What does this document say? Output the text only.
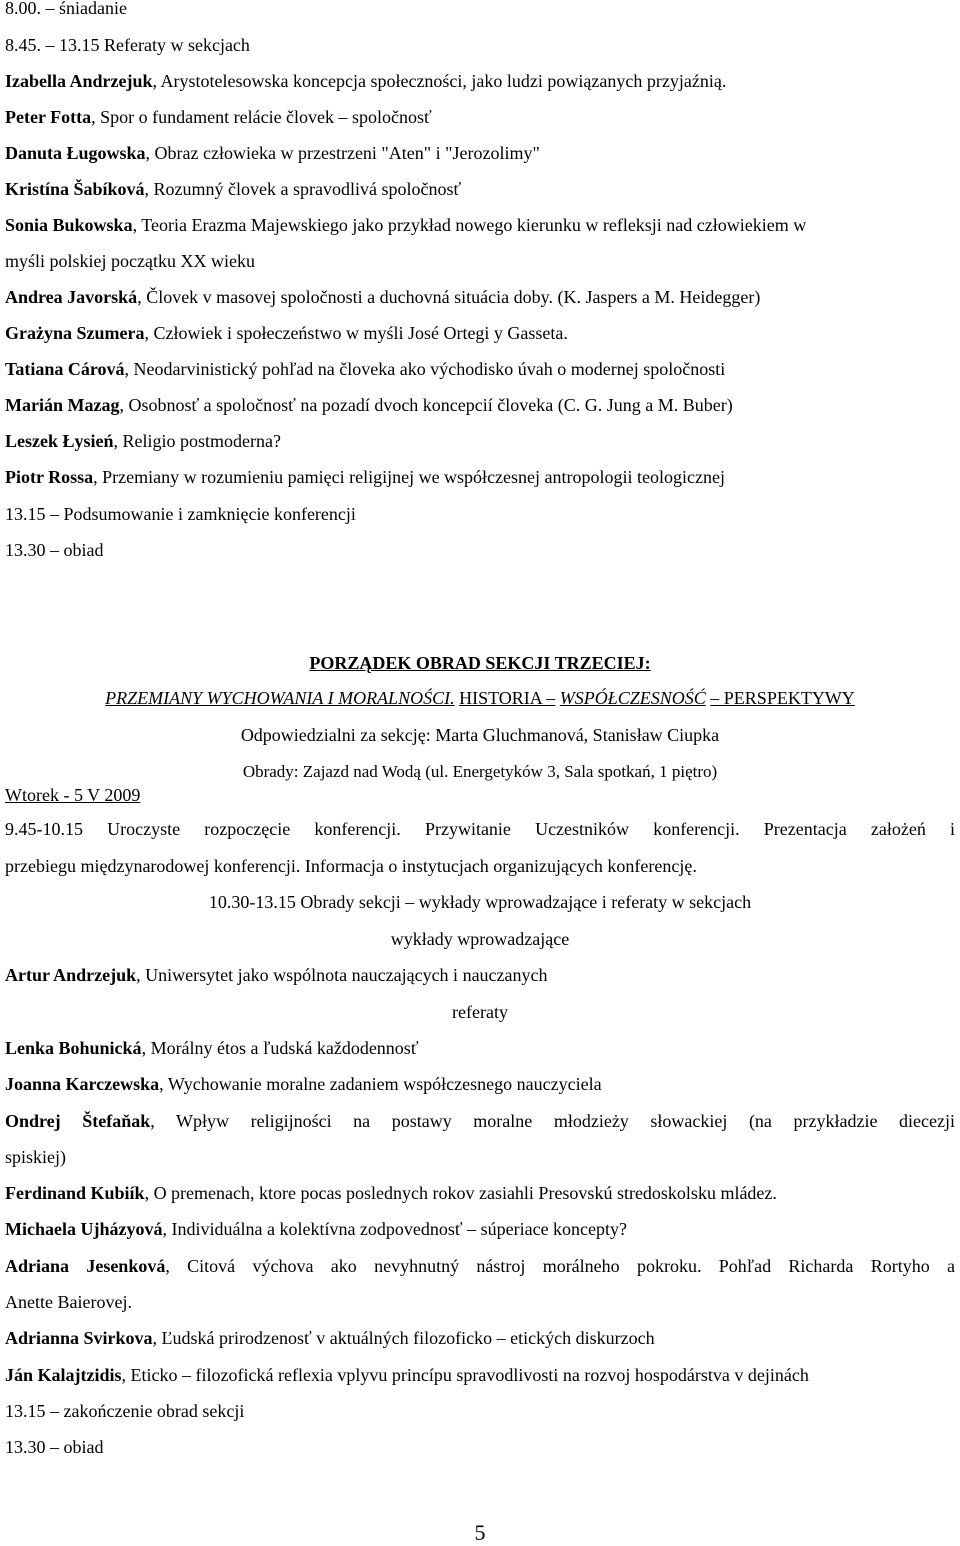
8.00. – śniadanie
8.45. – 13.15 Referaty w sekcjach
Izabella Andrzejuk, Arystotelesowska koncepcja społeczności, jako ludzi powiązanych przyjaźnią.
Peter Fotta, Spor o fundament relácie človek – spoločnosť
Danuta Ługowska, Obraz człowieka w przestrzeni "Aten" i "Jerozolimy"
Kristína Šabíková, Rozumný človek a spravodlivá spoločnosť
Sonia Bukowska, Teoria Erazma Majewskiego jako przykład nowego kierunku w refleksji nad człowiekiem w
myśli polskiej początku XX wieku
Andrea Javorská, Človek v masovej spoločnosti a duchovná situácia doby. (K. Jaspers a M. Heidegger)
Grażyna Szumera, Człowiek i społeczeństwo w myśli José Ortegi y Gasseta.
Tatiana Cárová, Neodarvinistický pohľad na človeka ako východisko úvah o modernej spoločnosti
Marián Mazag, Osobnosť a spoločnosť na pozadí dvoch koncepcií človeka (C. G. Jung a M. Buber)
Leszek Łysień, Religio postmoderna?
Piotr Rossa, Przemiany w rozumieniu pamięci religijnej we współczesnej antropologii teologicznej
13.15 – Podsumowanie i zamknięcie konferencji
13.30 – obiad
PORZĄDEK OBRAD SEKCJI TRZECIEJ:
PRZEMIANY WYCHOWANIA I MORALNOŚCI. HISTORIA – WSPÓŁCZESNOŚĆ – PERSPEKTYWY
Odpowiedzialni za sekcję: Marta Gluchmanová, Stanisław Ciupka
Obrady: Zajazd nad Wodą (ul. Energetyków 3, Sala spotkań, 1 piętro)
Wtorek - 5 V 2009
9.45-10.15 Uroczyste rozpoczęcie konferencji. Przywitanie Uczestników konferencji. Prezentacja założeń i
przebiegu międzynarodowej konferencji. Informacja o instytucjach organizujących konferencję.
10.30-13.15 Obrady sekcji – wykłady wprowadzające i referaty w sekcjach
wykłady wprowadzające
Artur Andrzejuk, Uniwersytet jako wspólnota nauczających i nauczanych
referaty
Lenka Bohunická, Morálny étos a ľudská každodennosť
Joanna Karczewska, Wychowanie moralne zadaniem współczesnego nauczyciela
Ondrej Štefaňak, Wpływ religijności na postawy moralne młodzieży słowackiej (na przykładzie diecezji
spiskiej)
Ferdinand Kubiík, O premenach, ktore pocas poslednych rokov zasiahli Presovskú stredoskolsku mládez.
Michaela Ujházyová, Individuálna a kolektívna zodpovednosť – súperiace koncepty?
Adriana Jesenková, Citová výchova ako nevyhnutný nástroj morálneho pokroku. Pohľad Richarda Rortyho a
Anette Baierovej.
Adrianna Svirkova, Ľudská prirodzenosť v aktuálných filozoficko – etických diskurzoch
Ján Kalajtzidis, Eticko – filozofická reflexia vplyvu princípu spravodlivosti na rozvoj hospodárstva v dejinách
13.15 – zakończenie obrad sekcji
13.30 – obiad
5
